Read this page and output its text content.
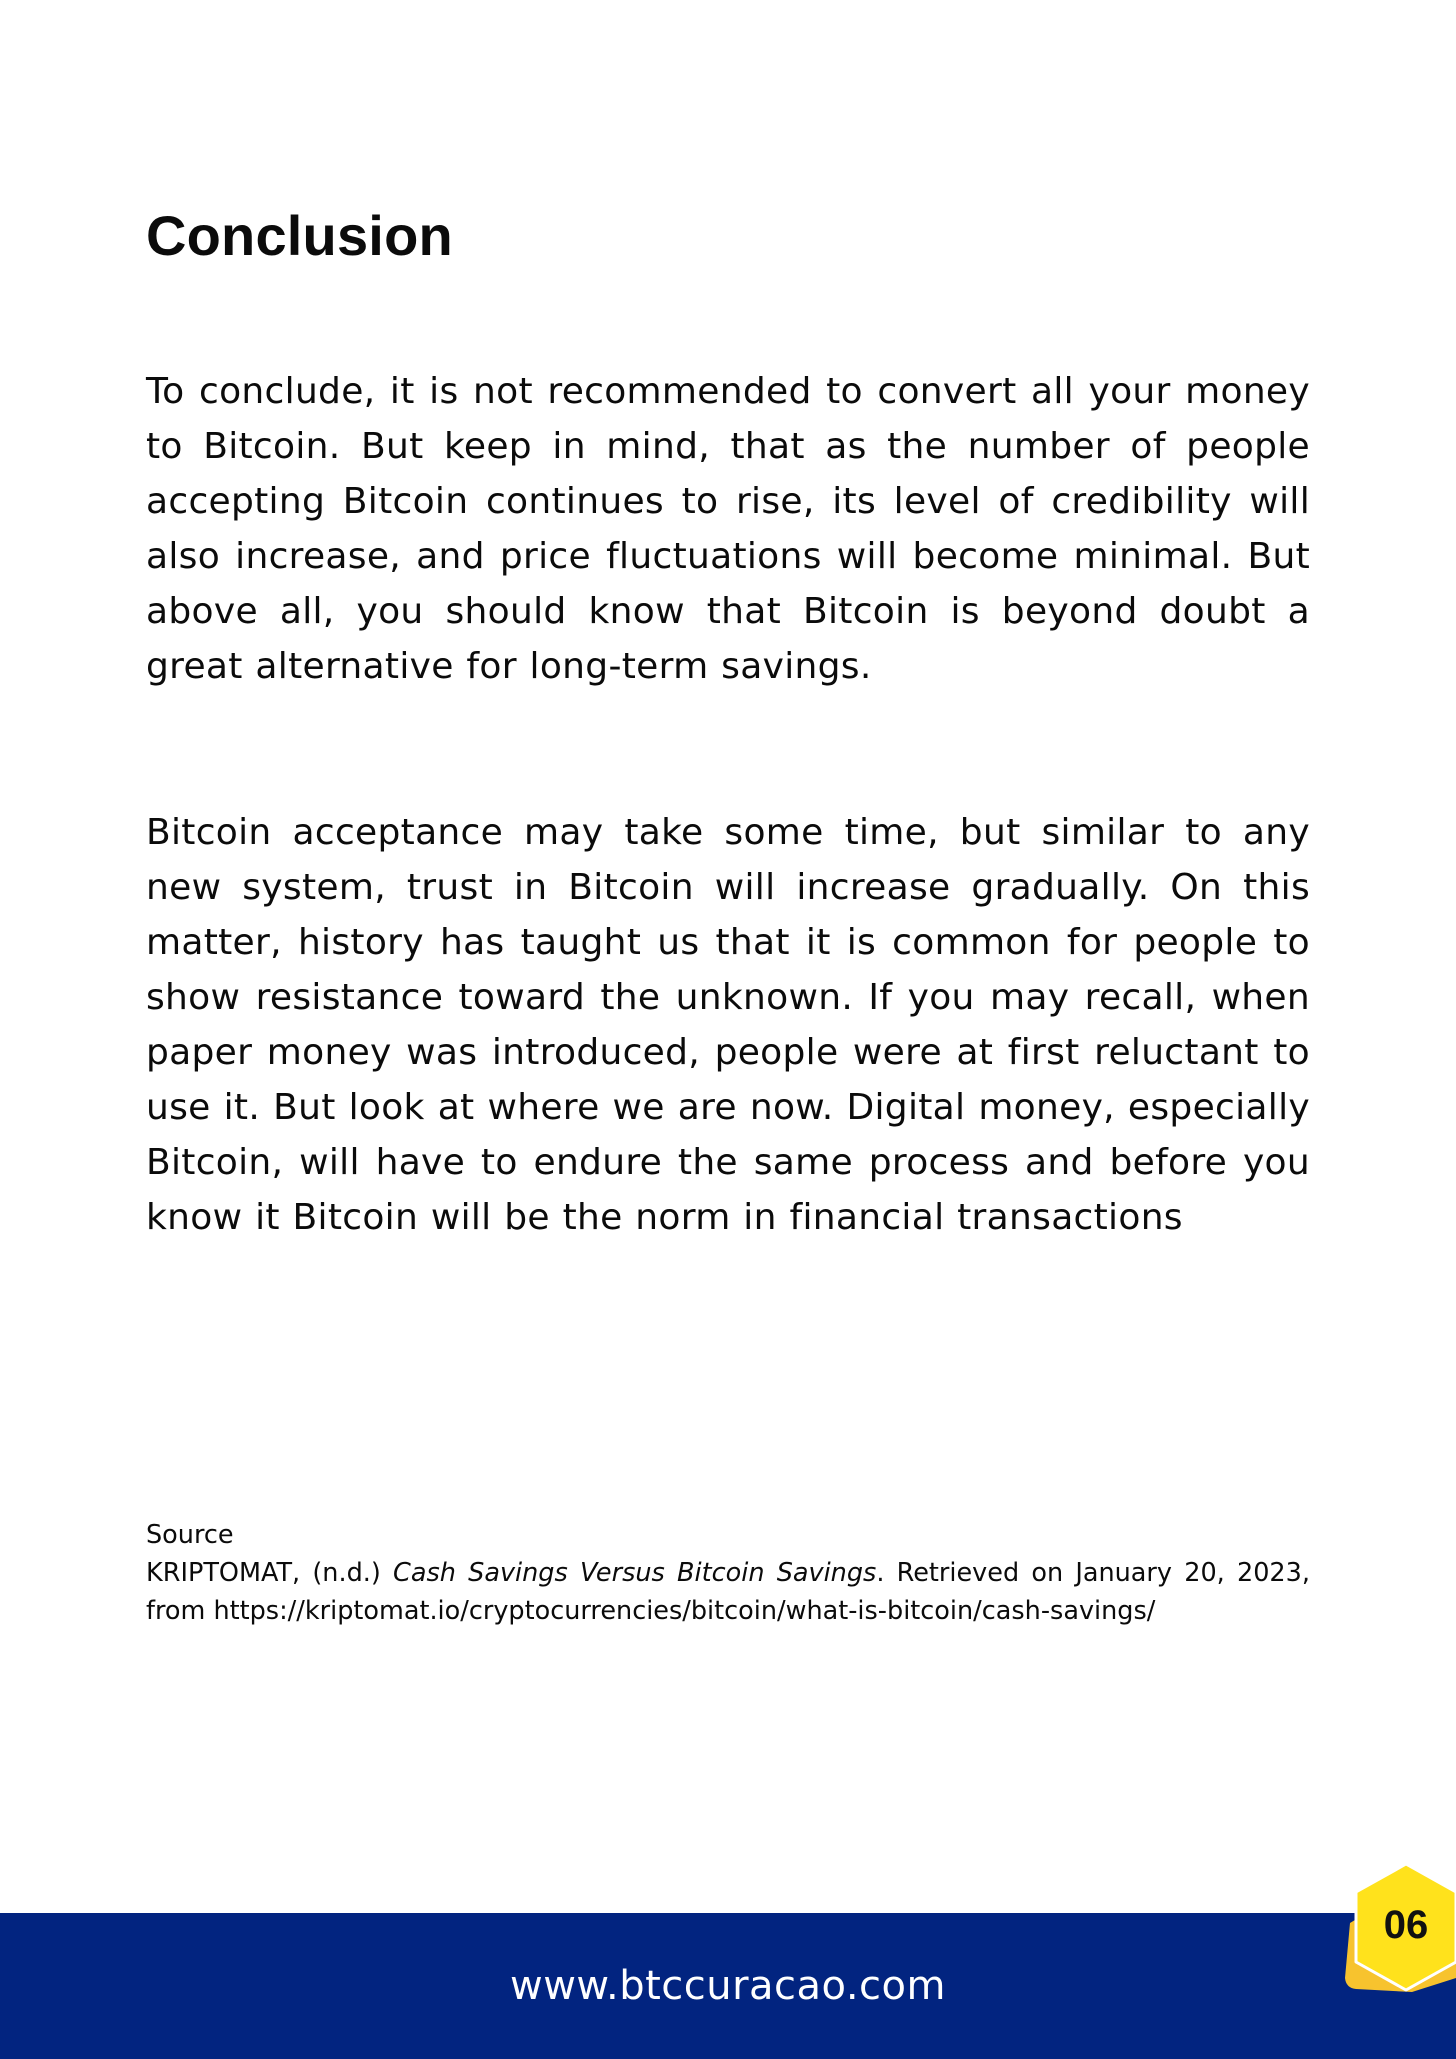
Conclusion

To conclude, it is not recommended to convert all your money to Bitcoin. But keep in mind, that as the number of people accepting Bitcoin continues to rise, its level of credibility will also increase, and price fluctuations will become minimal. But above all, you should know that Bitcoin is beyond doubt a great alternative for long-term savings.

Bitcoin acceptance may take some time, but similar to any new system, trust in Bitcoin will increase gradually. On this matter, history has taught us that it is common for people to show resistance toward the unknown. If you may recall, when paper money was introduced, people were at first reluctant to use it. But look at where we are now. Digital money, especially Bitcoin, will have to endure the same process and before you know it Bitcoin will be the norm in financial transactions

Source
KRIPTOMAT, (n.d.) Cash Savings Versus Bitcoin Savings. Retrieved on January 20, 2023, from https://kriptomat.io/cryptocurrencies/bitcoin/what-is-bitcoin/cash-savings/
www.btccuracao.com
06
